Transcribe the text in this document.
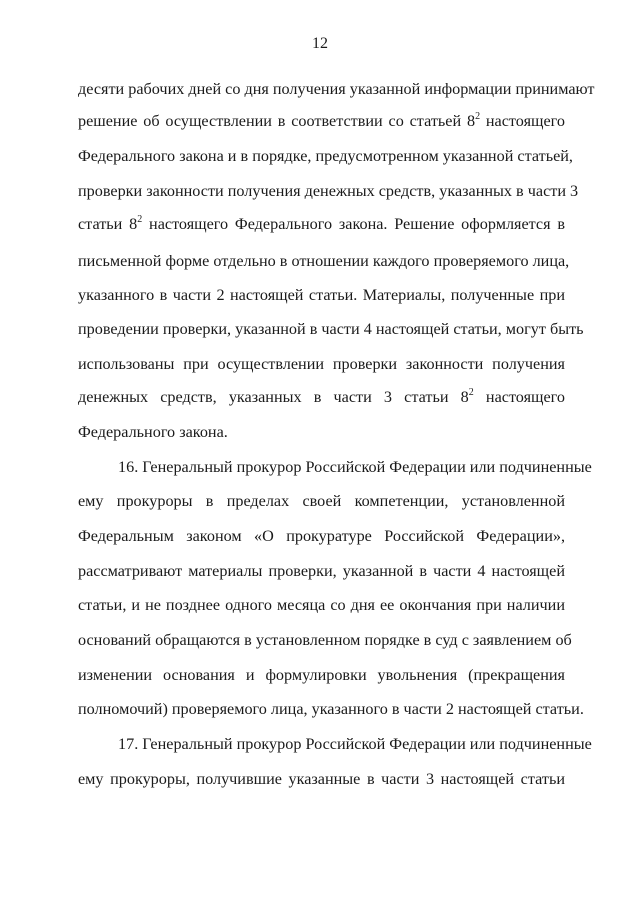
12
десяти рабочих дней со дня получения указанной информации принимают
решение об осуществлении в соответствии со статьей $8^2$ настоящего
Федерального закона и в порядке, предусмотренном указанной статьей,
проверки законности получения денежных средств, указанных в части 3
статьи $8^2$ настоящего Федерального закона. Решение оформляется в
письменной форме отдельно в отношении каждого проверяемого лица,
указанного в части 2 настоящей статьи. Материалы, полученные при
проведении проверки, указанной в части 4 настоящей статьи, могут быть
использованы при осуществлении проверки законности получения
денежных средств, указанных в части 3 статьи $8^2$ настоящего
Федерального закона.
16. Генеральный прокурор Российской Федерации или подчиненные
ему прокуроры в пределах своей компетенции, установленной
Федеральным законом «О прокуратуре Российской Федерации»,
рассматривают материалы проверки, указанной в части 4 настоящей
статьи, и не позднее одного месяца со дня ее окончания при наличии
оснований обращаются в установленном порядке в суд с заявлением об
изменении основания и формулировки увольнения (прекращения
полномочий) проверяемого лица, указанного в части 2 настоящей статьи.
17. Генеральный прокурор Российской Федерации или подчиненные
ему прокуроры, получившие указанные в части 3 настоящей статьи
